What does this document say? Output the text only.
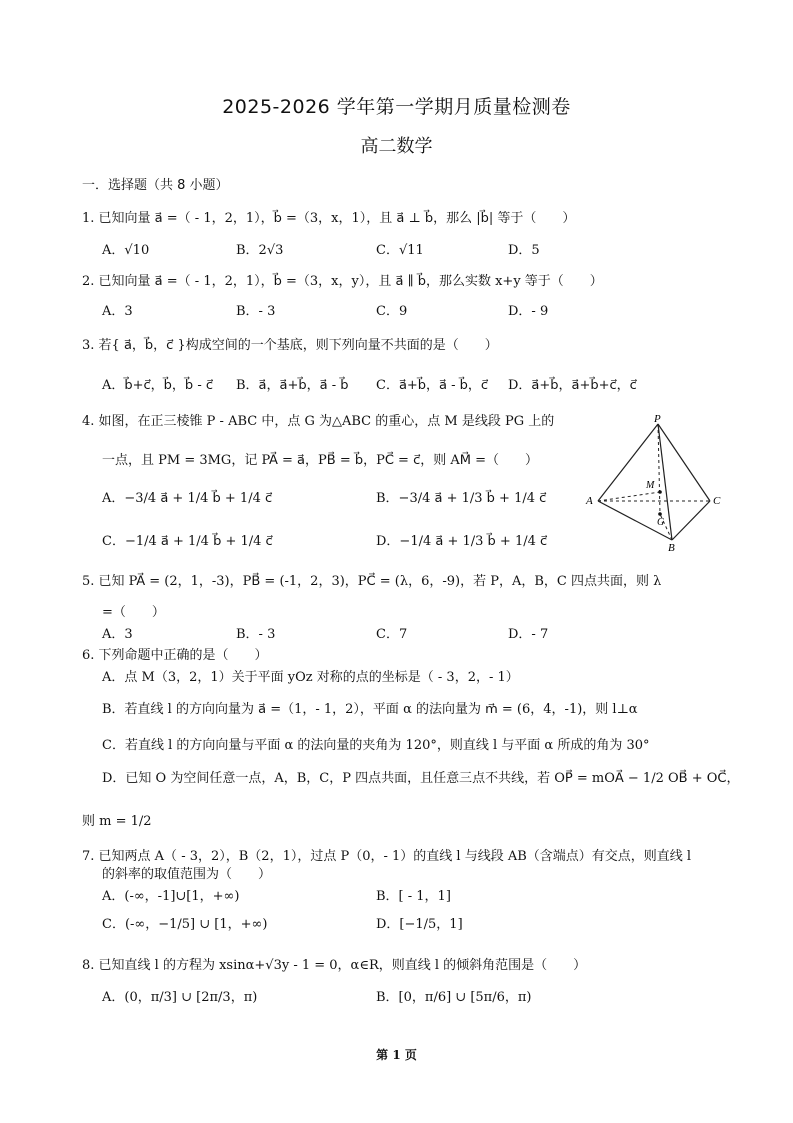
2025-2026 学年第一学期月质量检测卷
高二数学
一．选择题（共 8 小题）
1. 已知向量 a⃗ =（ - 1，2，1），b⃗ =（3，x，1），且 a⃗ ⊥ b⃗，那么 |b⃗| 等于（　　）
A．√10	B．2√3	C．√11	D．5
2. 已知向量 a⃗ =（ - 1，2，1），b⃗ =（3，x，y），且 a⃗ ∥ b⃗，那么实数 x+y 等于（　　）
A．3	B．- 3	C．9	D．- 9
3. 若{ a⃗，b⃗，c⃗ }构成空间的一个基底，则下列向量不共面的是（　　）
A．b⃗+c⃗，b⃗，b⃗ - c⃗ B．a⃗，a⃗+b⃗，a⃗ - b⃗ C．a⃗+b⃗，a⃗ - b⃗，c⃗ D．a⃗+b⃗，a⃗+b⃗+c⃗，c⃗
4. 如图，在正三棱锥 P - ABC 中，点 G 为△ABC 的重心，点 M 是线段 PG 上的
一点，且 PM = 3MG，记 PA⃗ = a⃗，PB⃗ = b⃗，PC⃗ = c⃗，则 AM⃗ =（　　）
A．−3/4 a⃗ + 1/4 b⃗ + 1/4 c⃗	B．−3/4 a⃗ + 1/3 b⃗ + 1/4 c⃗
C．−1/4 a⃗ + 1/4 b⃗ + 1/4 c⃗	D．−1/4 a⃗ + 1/3 b⃗ + 1/4 c⃗
P
M
A	C
G
B
5. 已知 PA⃗ = (2，1，-3)，PB⃗ = (-1，2，3)，PC⃗ = (λ，6，-9)，若 P，A，B，C 四点共面，则 λ
=（　　）
A．3	B．- 3	C．7	D．- 7
6. 下列命题中正确的是（　　）
A．点 M（3，2，1）关于平面 yOz 对称的点的坐标是（ - 3，2，- 1）
B．若直线 l 的方向向量为 a⃗ =（1，- 1，2），平面 α 的法向量为 m⃗ = (6，4，-1)，则 l⊥α
C．若直线 l 的方向向量与平面 α 的法向量的夹角为 120°，则直线 l 与平面 α 所成的角为 30°
D．已知 O 为空间任意一点，A，B，C，P 四点共面，且任意三点不共线，若 OP⃗ = mOA⃗ − 1/2 OB⃗ + OC⃗，
则 m = 1/2
7. 已知两点 A（ - 3，2），B（2，1），过点 P（0，- 1）的直线 l 与线段 AB（含端点）有交点，则直线 l
的斜率的取值范围为（　　）
A．(-∞，-1]∪[1，+∞)	B．[ - 1，1]
C．(-∞，−1/5] ∪ [1，+∞)	D．[−1/5，1]
8. 已知直线 l 的方程为 xsinα+√3y - 1 = 0，α∈R，则直线 l 的倾斜角范围是（　　）
A．(0，π/3] ∪ [2π/3，π)	B．[0，π/6] ∪ [5π/6，π)
第 1 页
